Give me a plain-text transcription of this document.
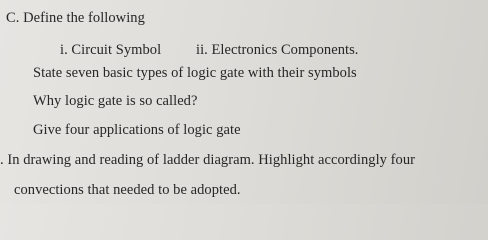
C. Define the following
i. Circuit Symbol ii. Electronics Components.
State seven basic types of logic gate with their symbols
Why logic gate is so called?
Give four applications of logic gate
. In drawing and reading of ladder diagram. Highlight accordingly four
convections that needed to be adopted.
